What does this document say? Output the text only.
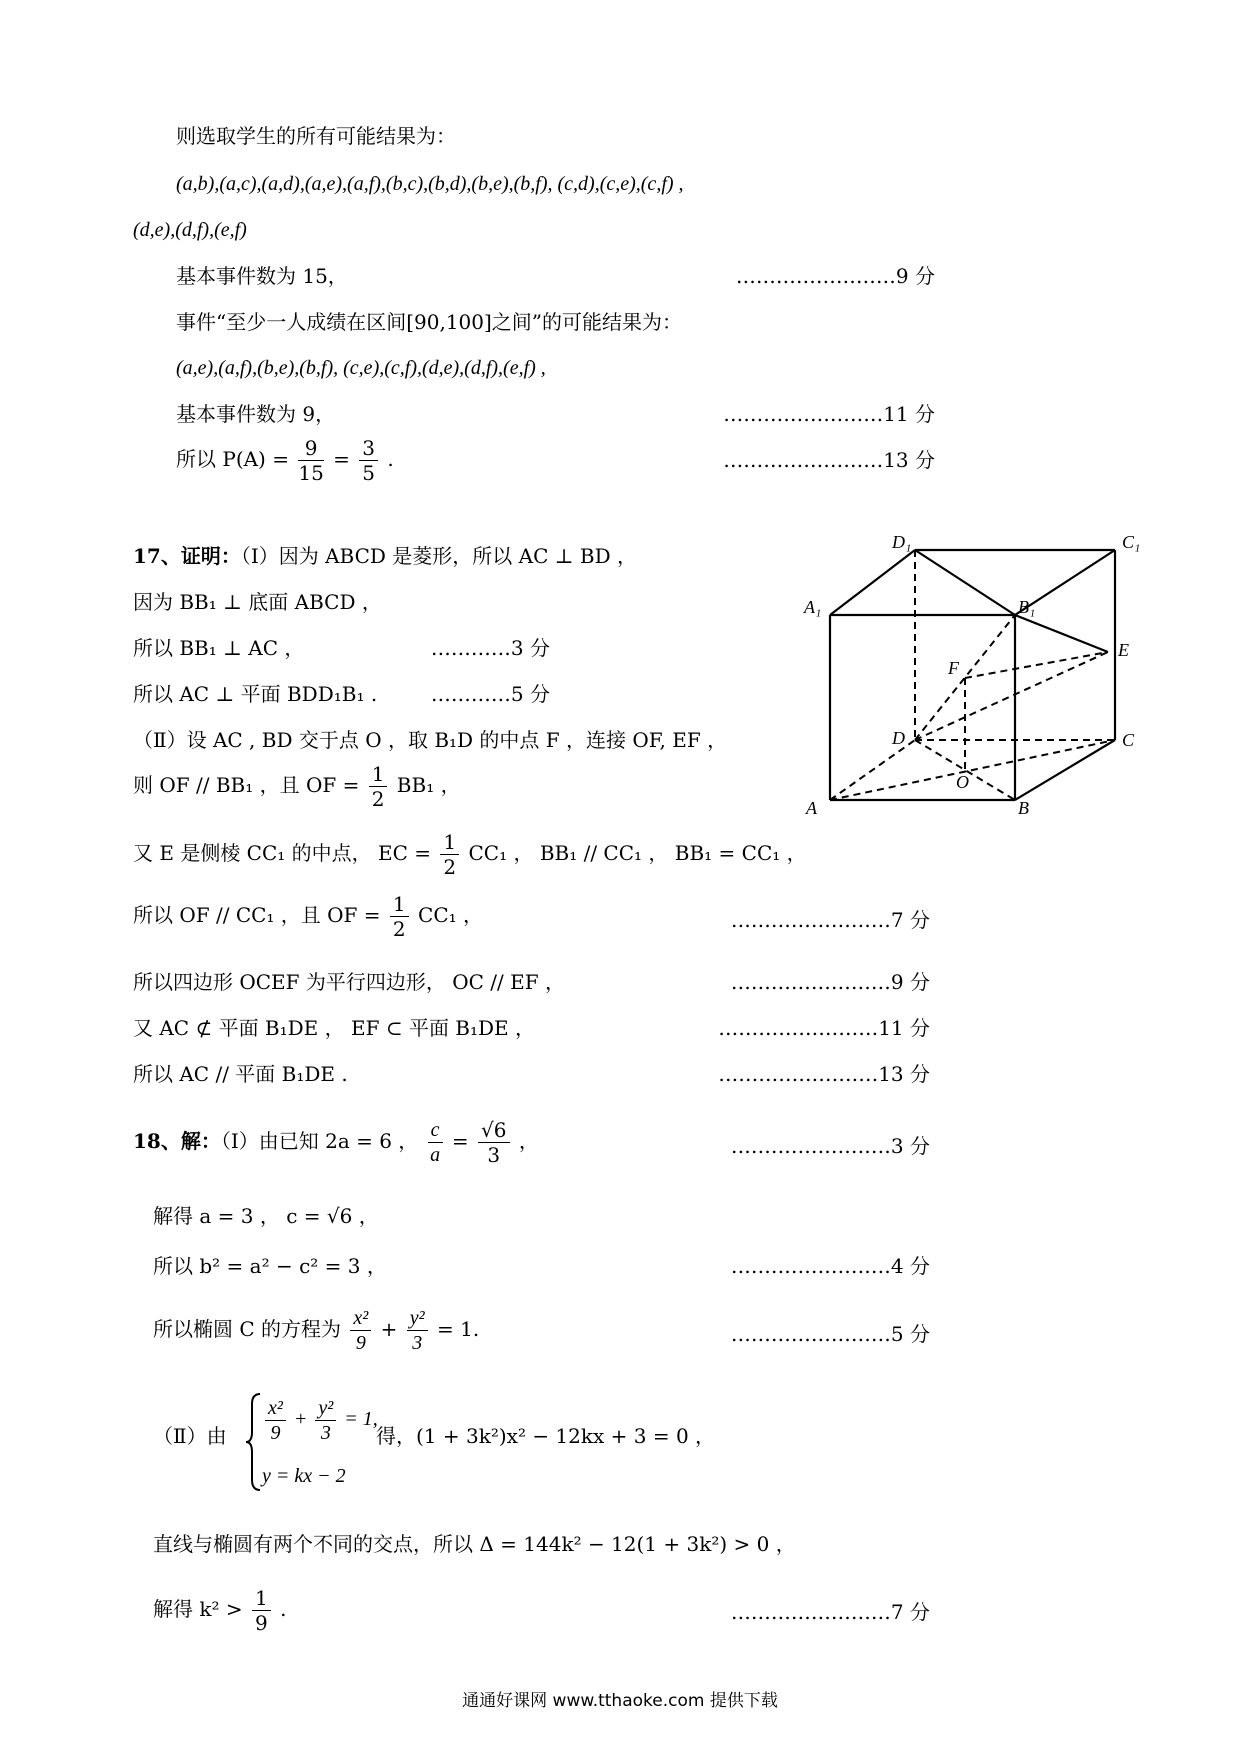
则选取学生的所有可能结果为：
(a,b),(a,c),(a,d),(a,e),(a,f),(b,c),(b,d),(b,e),(b,f), (c,d),(c,e),(c,f) ,
(d,e),(d,f),(e,f)
基本事件数为 15，	……………………9 分
事件“至少一人成绩在区间[90,100]之间”的可能结果为：
(a,e),(a,f),(b,e),(b,f), (c,e),(c,f),(d,e),(d,f),(e,f) ,
基本事件数为 9，	……………………11 分
所以 $P(A) = \frac{9}{15} = \frac{3}{5}$ .	……………………13 分
17、证明：（Ⅰ）因为 ABCD 是菱形，所以 AC ⊥ BD ，
因为 BB₁ ⊥ 底面 ABCD ，
所以 BB₁ ⊥ AC ，	…………3 分
所以 AC ⊥ 平面 BDD₁B₁ .	…………5 分
（Ⅱ）设 AC , BD 交于点 O ，取 B₁D 的中点 F ，连接 OF, EF ，
则 OF // BB₁ ，且 OF = $\frac{1}{2} BB_1$ ，
又 E 是侧棱 CC₁ 的中点， EC = $\frac{1}{2} CC_1$ ， BB₁ // CC₁ ， BB₁ = CC₁ ，
所以 OF // CC₁ ，且 OF = $\frac{1}{2} CC_1$ ，	……………………7 分
所以四边形 OCEF 为平行四边形， OC // EF ，	……………………9 分
又 AC ⊄ 平面 B₁DE ， EF ⊂ 平面 B₁DE ，	……………………11 分
所以 AC // 平面 B₁DE .	……………………13 分
D₁	C₁
A₁	B₁
E
F
D	C
O
A	B
18、解：（Ⅰ）由已知 2a = 6 ， $\frac{c}{a} = \frac{√6}{3}$ ，	……………………3 分
解得 a = 3 ， c = √6 ，
所以 b² = a² − c² = 3 ，	……………………4 分
所以椭圆 C 的方程为 $\frac{\text{x²}}{9} + \frac{\text{y²}}{3} = 1$.	……………………5 分
（Ⅱ）由 $\frac{\text{x²}}{9} + \frac{\text{y²}}{3} = 1$,
y = kx − 2
得，(1 + 3k²)x² − 12kx + 3 = 0 ，
直线与椭圆有两个不同的交点，所以 Δ = 144k² − 12(1 + 3k²) > 0 ，
解得 $k^2 > \frac{1}{9}$ .	……………………7 分
通通好课网 www.tthaoke.com 提供下载
